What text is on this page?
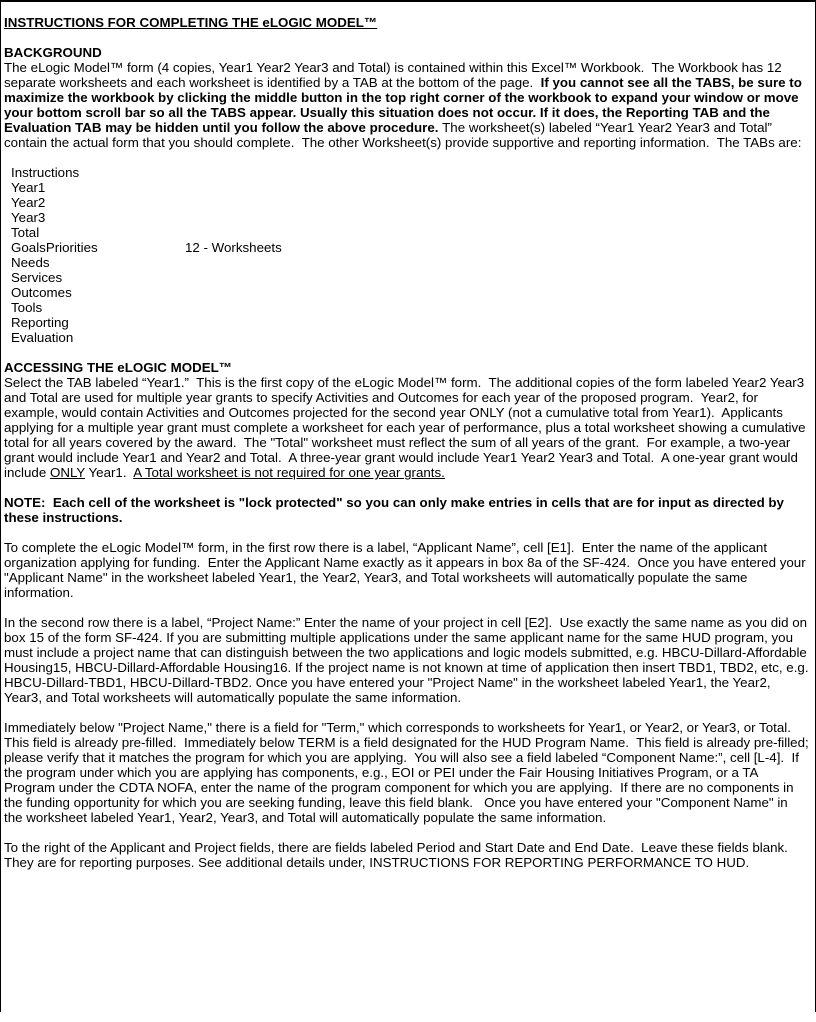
INSTRUCTIONS FOR COMPLETING THE eLOGIC MODEL™
BACKGROUND

The eLogic Model™ form (4 copies, Year1 Year2 Year3 and Total) is contained within this Excel™ Workbook.  The Workbook has 12 separate worksheets and each worksheet is identified by a TAB at the bottom of the page.  If you cannot see all the TABS, be sure to maximize the workbook by clicking the middle button in the top right corner of the workbook to expand your window or move your bottom scroll bar so all the TABS appear. Usually this situation does not occur. If it does, the Reporting TAB and the Evaluation TAB may be hidden until you follow the above procedure. The worksheet(s) labeled “Year1 Year2 Year3 and Total” contain the actual form that you should complete.  The other Worksheet(s) provide supportive and reporting information.  The TABs are:

Instructions
Year1
Year2
Year3
Total
GoalsPriorities	12 - Worksheets
Needs
Services
Outcomes
Tools
Reporting
Evaluation
ACCESSING THE eLOGIC MODEL™

Select the TAB labeled “Year1.”  This is the first copy of the eLogic Model™ form.  The additional copies of the form labeled Year2 Year3 and Total are used for multiple year grants to specify Activities and Outcomes for each year of the proposed program.  Year2, for example, would contain Activities and Outcomes projected for the second year ONLY (not a cumulative total from Year1).  Applicants applying for a multiple year grant must complete a worksheet for each year of performance, plus a total worksheet showing a cumulative total for all years covered by the award.  The "Total" worksheet must reflect the sum of all years of the grant.  For example, a two-year grant would include Year1 and Year2 and Total.  A three-year grant would include Year1 Year2 Year3 and Total.  A one-year grant would include ONLY Year1.  A Total worksheet is not required for one year grants.

NOTE:  Each cell of the worksheet is "lock protected" so you can only make entries in cells that are for input as directed by these instructions.

To complete the eLogic Model™ form, in the first row there is a label, “Applicant Name”, cell [E1].  Enter the name of the applicant organization applying for funding.  Enter the Applicant Name exactly as it appears in box 8a of the SF-424.  Once you have entered your "Applicant Name" in the worksheet labeled Year1, the Year2, Year3, and Total worksheets will automatically populate the same information.

In the second row there is a label, “Project Name:” Enter the name of your project in cell [E2].  Use exactly the same name as you did on box 15 of the form SF-424. If you are submitting multiple applications under the same applicant name for the same HUD program, you must include a project name that can distinguish between the two applications and logic models submitted, e.g. HBCU-Dillard-Affordable Housing15, HBCU-Dillard-Affordable Housing16. If the project name is not known at time of application then insert TBD1, TBD2, etc, e.g. HBCU-Dillard-TBD1, HBCU-Dillard-TBD2. Once you have entered your "Project Name" in the worksheet labeled Year1, the Year2, Year3, and Total worksheets will automatically populate the same information.

Immediately below "Project Name," there is a field for "Term," which corresponds to worksheets for Year1, or Year2, or Year3, or Total.  This field is already pre-filled.  Immediately below TERM is a field designated for the HUD Program Name.  This field is already pre-filled; please verify that it matches the program for which you are applying.  You will also see a field labeled “Component Name:”, cell [L-4].  If the program under which you are applying has components, e.g., EOI or PEI under the Fair Housing Initiatives Program, or a TA Program under the CDTA NOFA, enter the name of the program component for which you are applying.  If there are no components in the funding opportunity for which you are seeking funding, leave this field blank.   Once you have entered your "Component Name" in the worksheet labeled Year1, Year2, Year3, and Total will automatically populate the same information.

To the right of the Applicant and Project fields, there are fields labeled Period and Start Date and End Date.  Leave these fields blank.  They are for reporting purposes. See additional details under, INSTRUCTIONS FOR REPORTING PERFORMANCE TO HUD.
